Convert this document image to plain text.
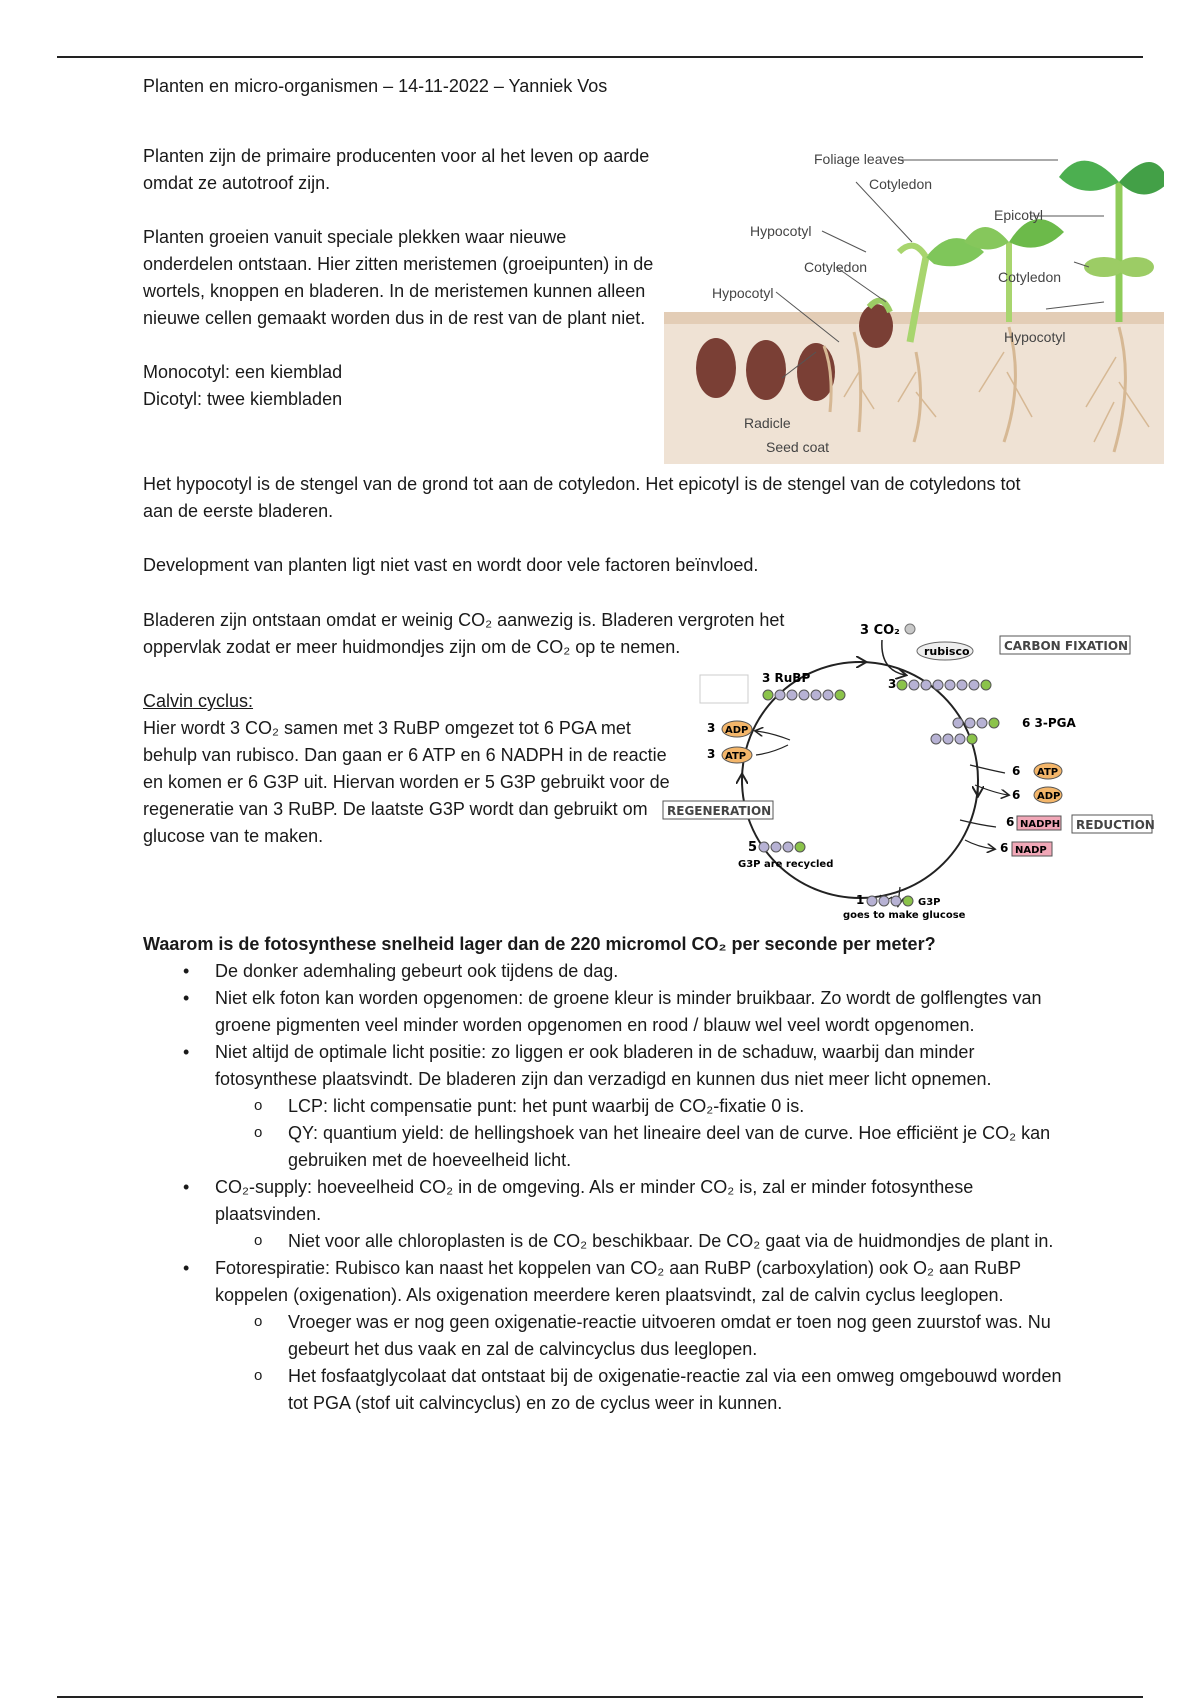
Planten en micro-organismen – 14-11-2022 – Yanniek Vos

Planten zijn de primaire producenten voor al het leven op aarde omdat ze autotroof zijn.

Planten groeien vanuit speciale plekken waar nieuwe onderdelen ontstaan. Hier zitten meristemen (groeipunten) in de wortels, knoppen en bladeren. In de meristemen kunnen alleen nieuwe cellen gemaakt worden dus in de rest van de plant niet.

Monocotyl: een kiemblad

Dicotyl: twee kiembladen

Foliage leaves
Cotyledon
Epicotyl
Hypocotyl
Cotyledon
Cotyledon
Hypocotyl
Hypocotyl
Radicle
Seed coat
Het hypocotyl is de stengel van de grond tot aan de cotyledon. Het epicotyl is de stengel van de cotyledons tot aan de eerste bladeren.
Development van planten ligt niet vast en wordt door vele factoren beïnvloed.
Bladeren zijn ontstaan omdat er weinig CO₂ aanwezig is. Bladeren vergroten het oppervlak zodat er meer huidmondjes zijn om de CO₂ op te nemen.

Calvin cyclus:

Hier wordt 3 CO₂ samen met 3 RuBP omgezet tot 6 PGA met behulp van rubisco. Dan gaan er 6 ATP en 6 NADPH in de reactie en komen er 6 G3P uit. Hiervan worden er 5 G3P gebruikt voor de regeneratie van 3 RuBP. De laatste G3P wordt dan gebruikt om glucose van te maken.

3 CO₂
rubisco	CARBON FIXATION
3 RuBP	3
6 3-PGA
6 ATP
6 ADP
6 NADPH
6 NADP
REDUCTION
REGENERATION
3 ADP
3 ATP
5
G3P are recycled
1	G3P
goes to make glucose

Waarom is de fotosynthese snelheid lager dan de 220 micromol CO₂ per seconde per meter?

• De donker ademhaling gebeurt ook tijdens de dag.
• Niet elk foton kan worden opgenomen: de groene kleur is minder bruikbaar. Zo wordt de golflengtes van groene pigmenten veel minder worden opgenomen en rood / blauw wel veel wordt opgenomen.
• Niet altijd de optimale licht positie: zo liggen er ook bladeren in de schaduw, waarbij dan minder fotosynthese plaatsvindt. De bladeren zijn dan verzadigd en kunnen dus niet meer licht opnemen.
o LCP: licht compensatie punt: het punt waarbij de CO₂-fixatie 0 is.
o QY: quantium yield: de hellingshoek van het lineaire deel van de curve. Hoe efficiënt je CO₂ kan gebruiken met de hoeveelheid licht.
• CO₂-supply: hoeveelheid CO₂ in de omgeving. Als er minder CO₂ is, zal er minder fotosynthese plaatsvinden.
o Niet voor alle chloroplasten is de CO₂ beschikbaar. De CO₂ gaat via de huidmondjes de plant in.
• Fotorespiratie: Rubisco kan naast het koppelen van CO₂ aan RuBP (carboxylation) ook O₂ aan RuBP koppelen (oxigenation). Als oxigenation meerdere keren plaatsvindt, zal de calvin cyclus leeglopen.
o Vroeger was er nog geen oxigenatie-reactie uitvoeren omdat er toen nog geen zuurstof was. Nu gebeurt het dus vaak en zal de calvincyclus dus leeglopen.
o Het fosfaatglycolaat dat ontstaat bij de oxigenatie-reactie zal via een omweg omgebouwd worden tot PGA (stof uit calvincyclus) en zo de cyclus weer in kunnen.
